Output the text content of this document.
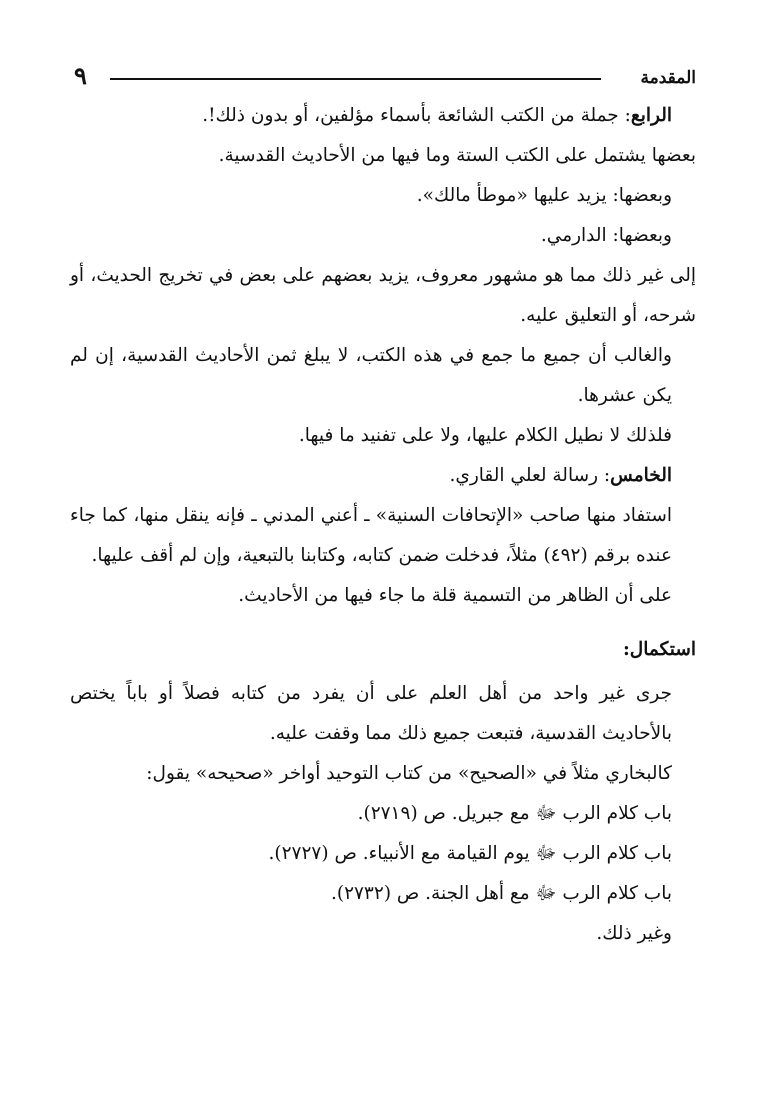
٩	المقدمة

الرابع: جملة من الكتب الشائعة بأسماء مؤلفين، أو بدون ذلك!.

بعضها يشتمل على الكتب الستة وما فيها من الأحاديث القدسية.

وبعضها: يزيد عليها «موطأ مالك».

وبعضها: الدارمي.

إلى غير ذلك مما هو مشهور معروف، يزيد بعضهم على بعض في تخريج الحديث، أو شرحه، أو التعليق عليه.

والغالب أن جميع ما جمع في هذه الكتب، لا يبلغ ثمن الأحاديث القدسية، إن لم يكن عشرها.

فلذلك لا نطيل الكلام عليها، ولا على تفنيد ما فيها.

الخامس: رسالة لعلي القاري.

استفاد منها صاحب «الإتحافات السنية» ـ أعني المدني ـ فإنه ينقل منها، كما جاء عنده برقم (٤٩٢) مثلاً، فدخلت ضمن كتابه، وكتابنا بالتبعية، وإن لم أقف عليها.

على أن الظاهر من التسمية قلة ما جاء فيها من الأحاديث.

استكمال:

جرى غير واحد من أهل العلم على أن يفرد من كتابه فصلاً أو باباً يختص بالأحاديث القدسية، فتبعت جميع ذلك مما وقفت عليه.

كالبخاري مثلاً في «الصحيح» من كتاب التوحيد أواخر «صحيحه» يقول:

باب كلام الرب ﷻ مع جبريل. ص (٢٧١٩).

باب كلام الرب ﷻ يوم القيامة مع الأنبياء. ص (٢٧٢٧).

باب كلام الرب ﷻ مع أهل الجنة. ص (٢٧٣٢).

وغير ذلك.
